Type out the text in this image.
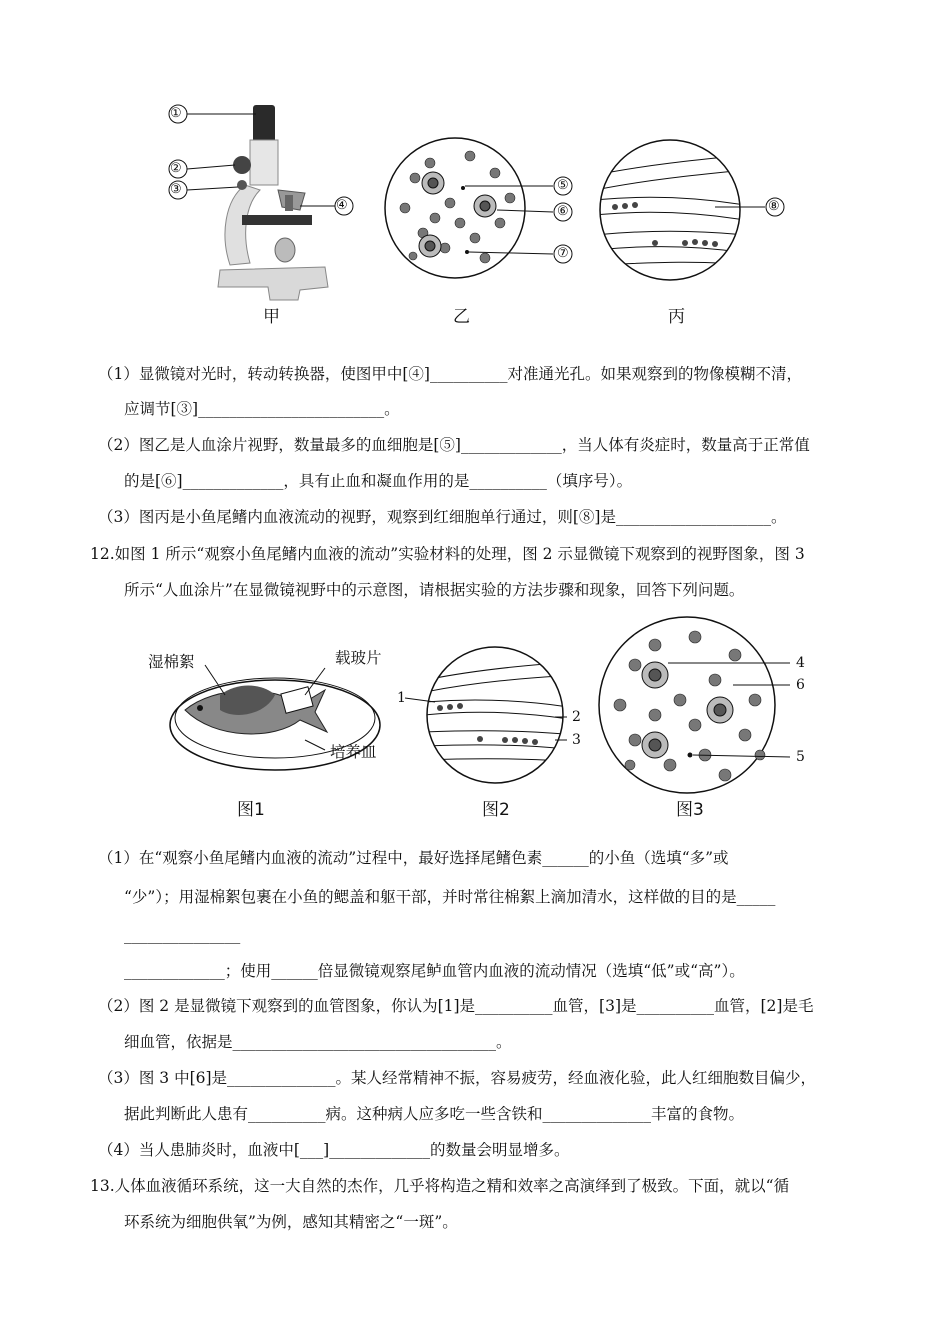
①
②
③
④
⑤
⑥
⑦
⑧
甲	乙	丙
（1）显微镜对光时，转动转换器，使图甲中[④]__________对准通光孔。如果观察到的物像模糊不清，
应调节[③]________________________。
（2）图乙是人血涂片视野，数量最多的血细胞是[⑤]_____________，当人体有炎症时，数量高于正常值
的是[⑥]_____________，具有止血和凝血作用的是__________（填序号）。
（3）图丙是小鱼尾鳍内血液流动的视野，观察到红细胞单行通过，则[⑧]是____________________。
12.如图 1 所示“观察小鱼尾鳍内血液的流动”实验材料的处理，图 2 示显微镜下观察到的视野图象，图 3
所示“人血涂片”在显微镜视野中的示意图，请根据实验的方法步骤和现象，回答下列问题。
湿棉絮	载玻片
培养皿
1
2
3
4
6
5
图1	图2	图3
（1）在“观察小鱼尾鳍内血液的流动”过程中，最好选择尾鳍色素______的小鱼（选填“多”或
“少”）；用湿棉絮包裹在小鱼的鳃盖和躯干部，并时常往棉絮上滴加清水，这样做的目的是_____
_______________
_____________；使用______倍显微镜观察尾鲈血管内血液的流动情况（选填“低”或“高”）。
（2）图 2 是显微镜下观察到的血管图象，你认为[1]是__________血管，[3]是__________血管，[2]是毛
细血管，依据是__________________________________。
（3）图 3 中[6]是______________。某人经常精神不振，容易疲劳，经血液化验，此人红细胞数目偏少，
据此判断此人患有__________病。这种病人应多吃一些含铁和______________丰富的食物。
（4）当人患肺炎时，血液中[___]_____________的数量会明显增多。
13.人体血液循环系统，这一大自然的杰作，几乎将构造之精和效率之高演绎到了极致。下面，就以“循
环系统为细胞供氧”为例，感知其精密之“一斑”。
